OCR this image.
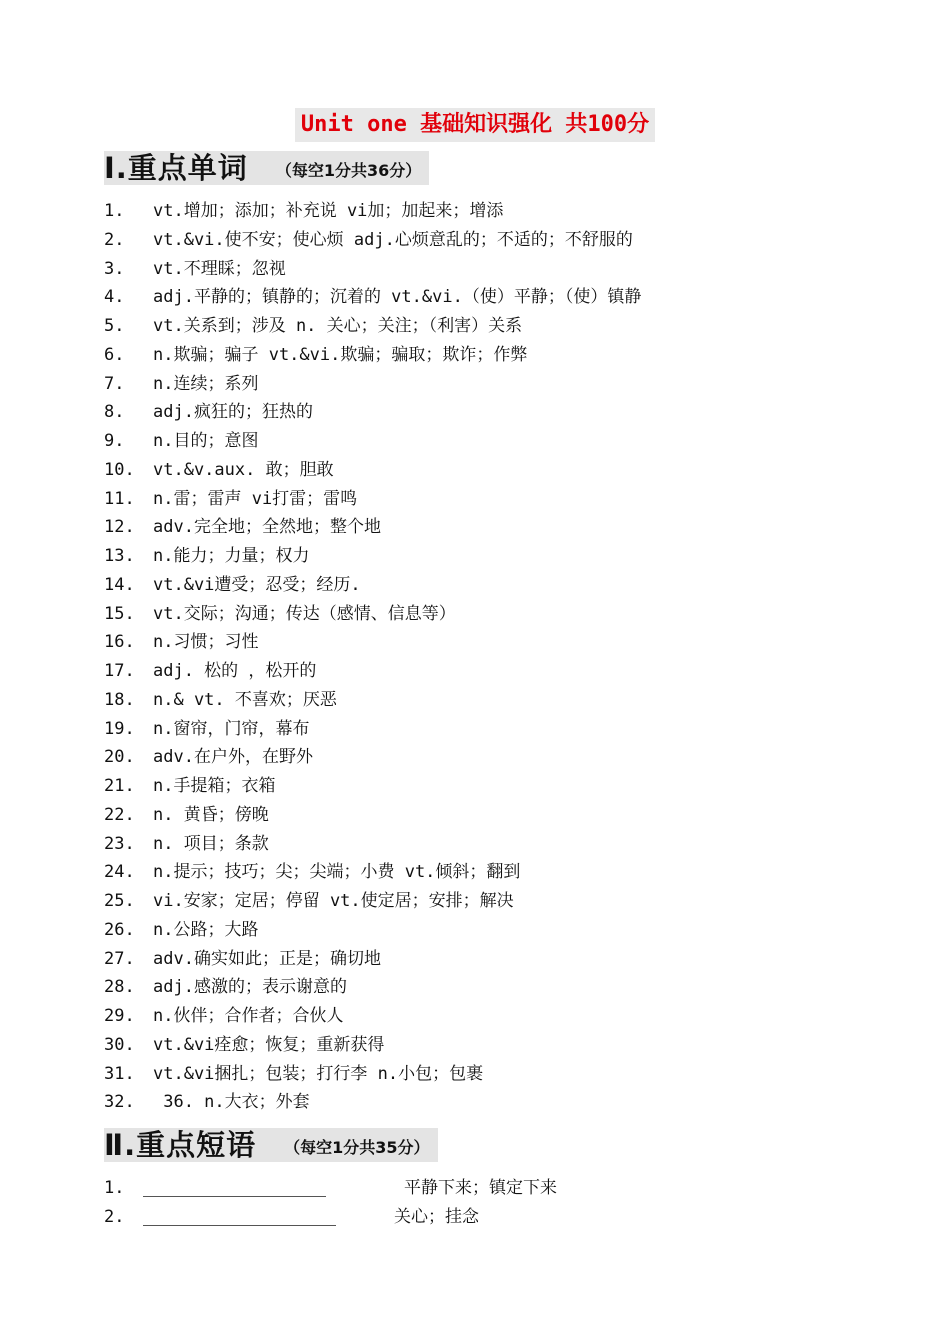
Unit one 基础知识强化 共100分
Ⅰ.重点单词 （每空1分共36分）
1. vt.增加；添加；补充说 vi加；加起来；增添
2. vt.&vi.使不安；使心烦 adj.心烦意乱的；不适的；不舒服的
3. vt.不理睬；忽视
4. adj.平静的；镇静的；沉着的 vt.&vi.（使）平静；（使）镇静
5. vt.关系到；涉及 n. 关心；关注；（利害）关系
6. n.欺骗；骗子 vt.&vi.欺骗；骗取；欺诈；作弊
7. n.连续；系列
8. adj.疯狂的；狂热的
9. n.目的；意图
10. vt.&v.aux. 敢；胆敢
11. n.雷；雷声 vi打雷；雷鸣
12. adv.完全地；全然地；整个地
13. n.能力；力量；权力
14. vt.&vi遭受；忍受；经历.
15. vt.交际；沟通；传达（感情、信息等）
16. n.习惯；习性
17. adj. 松的 ，松开的
18. n.& vt. 不喜欢；厌恶
19. n.窗帘，门帘，幕布
20. adv.在户外，在野外
21. n.手提箱；衣箱
22. n. 黄昏；傍晚
23. n. 项目；条款
24. n.提示；技巧；尖；尖端；小费 vt.倾斜；翻到
25. vi.安家；定居；停留 vt.使定居；安排；解决
26. n.公路；大路
27. adv.确实如此；正是；确切地
28. adj.感激的；表示谢意的
29. n.伙伴；合作者；合伙人
30. vt.&vi痊愈；恢复；重新获得
31. vt.&vi捆扎；包装；打行李 n.小包；包裹
32. 36. n.大衣；外套
Ⅱ.重点短语 （每空1分共35分）
1.	平静下来；镇定下来
2.	关心；挂念
